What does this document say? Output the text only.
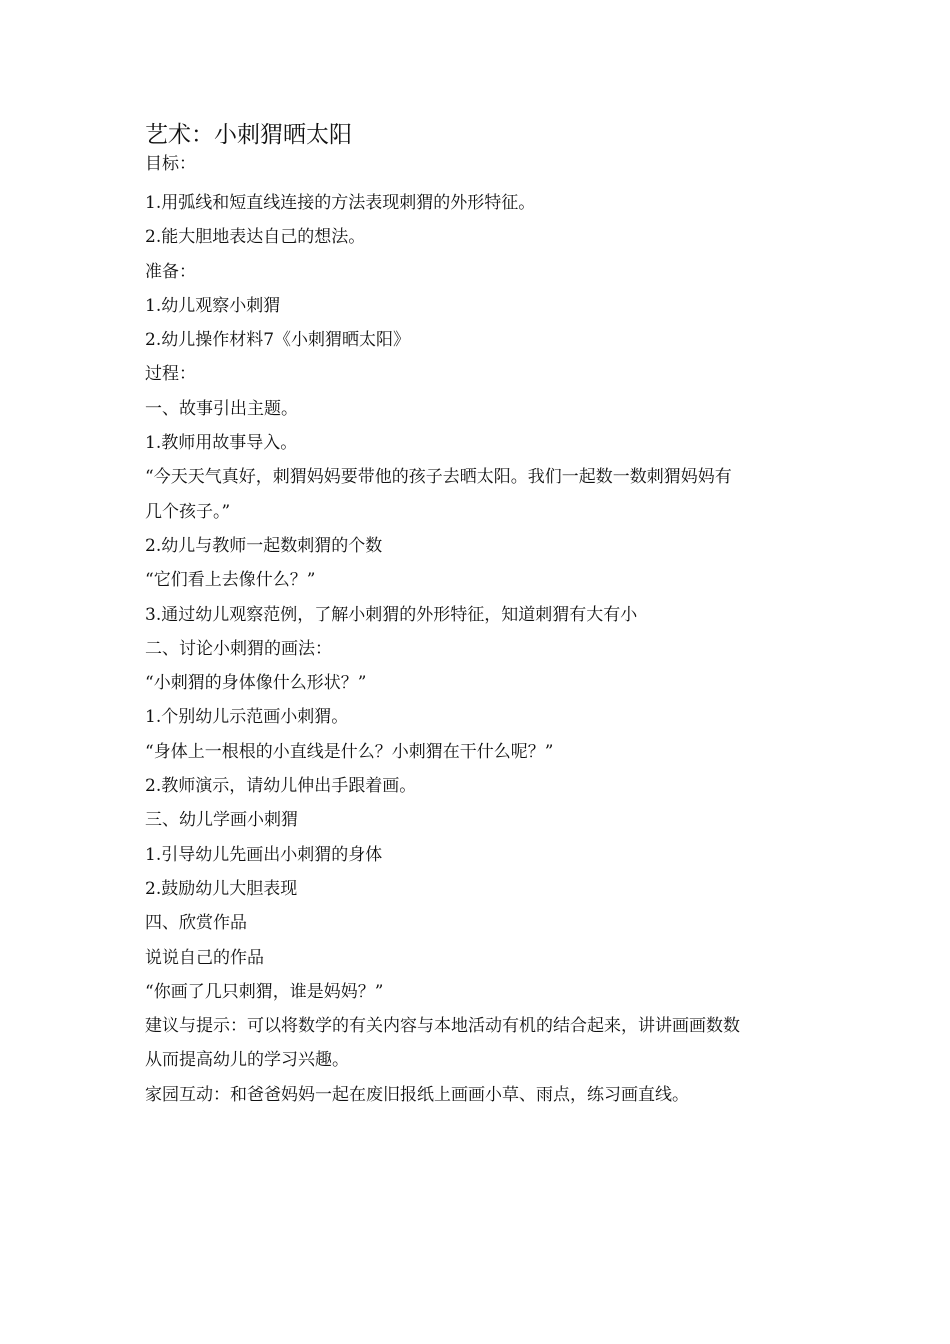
艺术：小刺猬晒太阳

目标：

1.用弧线和短直线连接的方法表现刺猬的外形特征。

2.能大胆地表达自己的想法。

准备：

1.幼儿观察小刺猬

2.幼儿操作材料7《小刺猬晒太阳》

过程：

一、故事引出主题。

1.教师用故事导入。

“今天天气真好，刺猬妈妈要带他的孩子去晒太阳。我们一起数一数刺猬妈妈有

几个孩子。”

2.幼儿与教师一起数刺猬的个数

“它们看上去像什么？”

3.通过幼儿观察范例，了解小刺猬的外形特征，知道刺猬有大有小

二、讨论小刺猬的画法：

“小刺猬的身体像什么形状？”

1.个别幼儿示范画小刺猬。

“身体上一根根的小直线是什么？小刺猬在干什么呢？”

2.教师演示，请幼儿伸出手跟着画。

三、幼儿学画小刺猬

1.引导幼儿先画出小刺猬的身体

2.鼓励幼儿大胆表现

四、欣赏作品

说说自己的作品

“你画了几只刺猬，谁是妈妈？”

建议与提示：可以将数学的有关内容与本地活动有机的结合起来，讲讲画画数数

从而提高幼儿的学习兴趣。

家园互动：和爸爸妈妈一起在废旧报纸上画画小草、雨点，练习画直线。
